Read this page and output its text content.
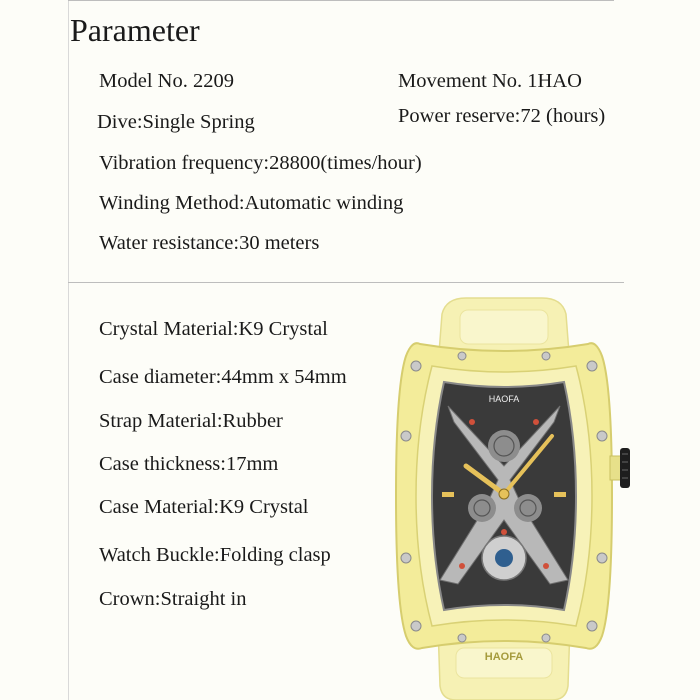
Parameter
Model No. 2209	Movement No. 1HAO
Dive:Single Spring	Power reserve:72 (hours)
Vibration frequency:28800(times/hour)
Winding Method:Automatic winding
Water resistance:30 meters
Crystal Material:K9 Crystal
Case diameter:44mm x 54mm
Strap Material:Rubber
Case thickness:17mm
Case Material:K9 Crystal
Watch Buckle:Folding clasp
Crown:Straight in
HAOFA
HAOFA
